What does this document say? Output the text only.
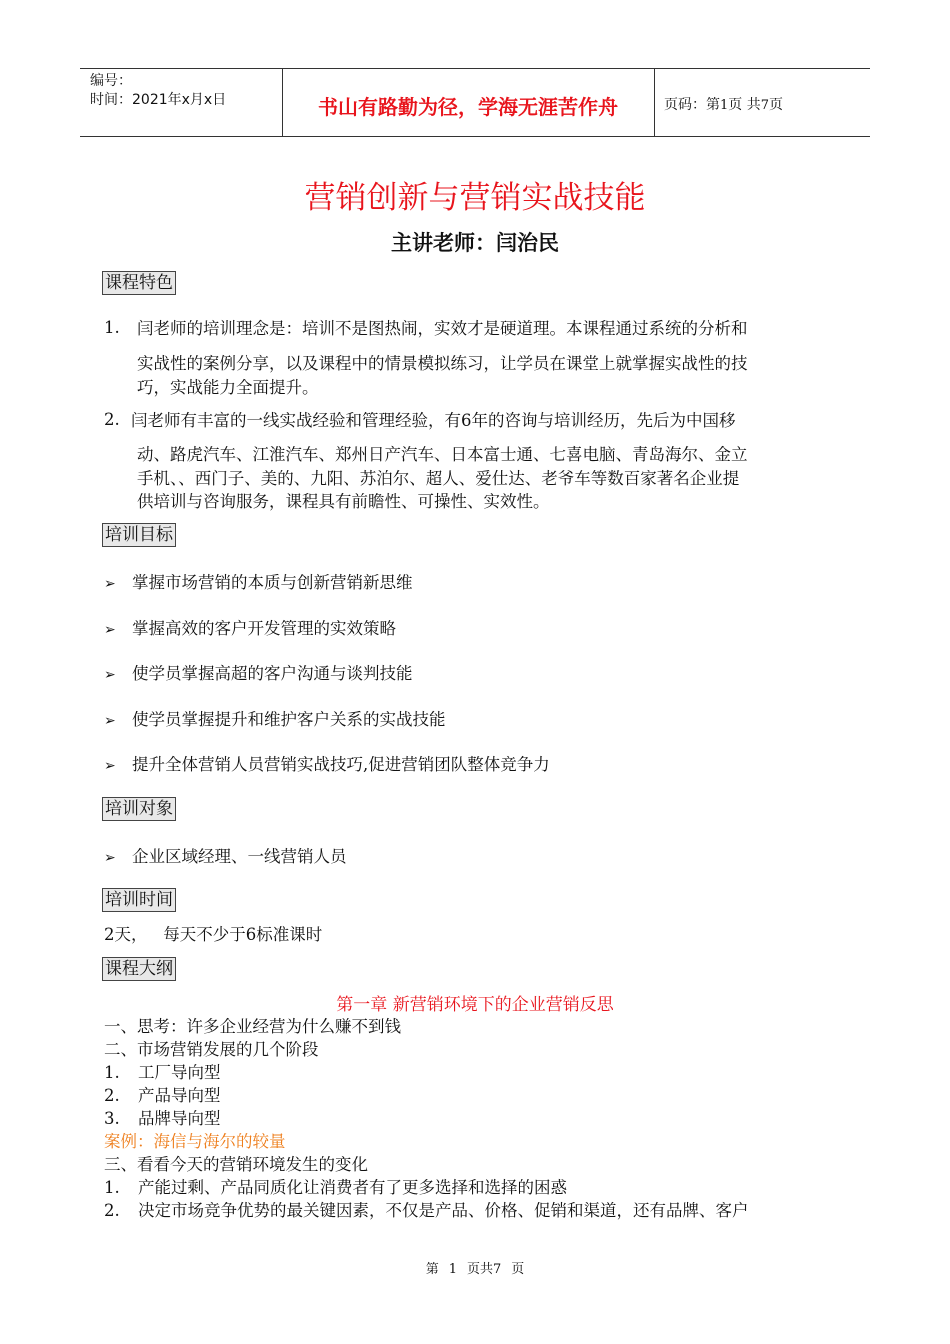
编号：
时间：2021年x月x日	书山有路勤为径，学海无涯苦作舟	页码：第1页 共7页
营销创新与营销实战技能
主讲老师：闫治民
课程特色
1. 闫老师的培训理念是：培训不是图热闹，实效才是硬道理。本课程通过系统的分析和
实战性的案例分享，以及课程中的情景模拟练习，让学员在课堂上就掌握实战性的技
巧，实战能力全面提升。
2. 闫老师有丰富的一线实战经验和管理经验，有6年的咨询与培训经历，先后为中国移
动、路虎汽车、江淮汽车、郑州日产汽车、日本富士通、七喜电脑、青岛海尔、金立
手机、、西门子、美的、九阳、苏泊尔、超人、爱仕达、老爷车等数百家著名企业提
供培训与咨询服务，课程具有前瞻性、可操性、实效性。
培训目标
➢ 掌握市场营销的本质与创新营销新思维
➢ 掌握高效的客户开发管理的实效策略
➢ 使学员掌握高超的客户沟通与谈判技能
➢ 使学员掌握提升和维护客户关系的实战技能
➢ 提升全体营销人员营销实战技巧,促进营销团队整体竞争力
培训对象
➢ 企业区域经理、一线营销人员
培训时间
2天，   每天不少于6标准课时
课程大纲
第一章 新营销环境下的企业营销反思
一、思考：许多企业经营为什么赚不到钱
二、市场营销发展的几个阶段
1. 工厂导向型
2. 产品导向型
3. 品牌导向型
案例：海信与海尔的较量
三、看看今天的营销环境发生的变化
1. 产能过剩、产品同质化让消费者有了更多选择和选择的困惑
2. 决定市场竞争优势的最关键因素，不仅是产品、价格、促销和渠道，还有品牌、客户
第 1 页共7 页
